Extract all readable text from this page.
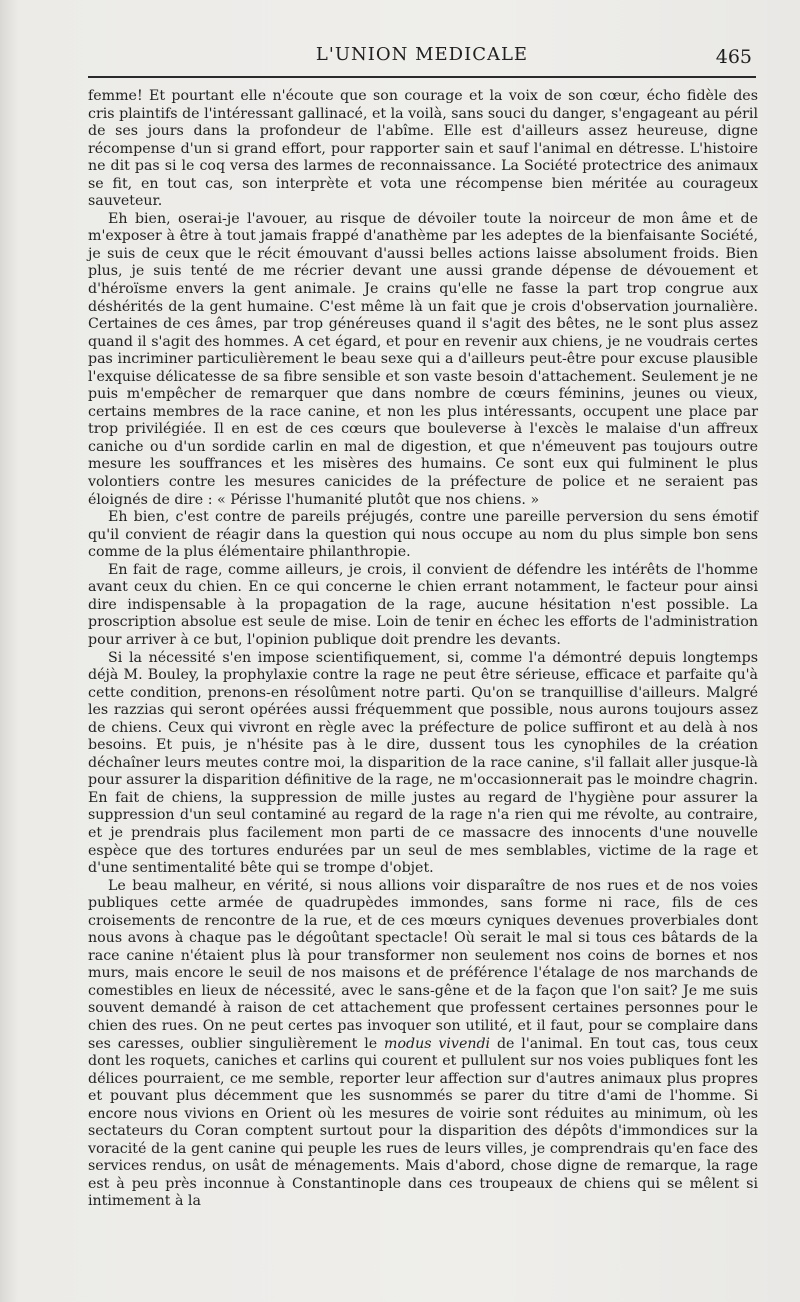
L'UNION MEDICALE	465

femme! Et pourtant elle n'écoute que son courage et la voix de son cœur, écho fidèle des cris plaintifs de l'intéressant gallinacé, et la voilà, sans souci du danger, s'engageant au péril de ses jours dans la profondeur de l'abîme. Elle est d'ailleurs assez heureuse, digne récompense d'un si grand effort, pour rapporter sain et sauf l'animal en détresse. L'histoire ne dit pas si le coq versa des larmes de reconnaissance. La Société protectrice des animaux se fit, en tout cas, son interprète et vota une récompense bien méritée au courageux sauveteur.

Eh bien, oserai-je l'avouer, au risque de dévoiler toute la noirceur de mon âme et de m'exposer à être à tout jamais frappé d'anathème par les adeptes de la bienfaisante Société, je suis de ceux que le récit émouvant d'aussi belles actions laisse absolument froids. Bien plus, je suis tenté de me récrier devant une aussi grande dépense de dévouement et d'héroïsme envers la gent animale. Je crains qu'elle ne fasse la part trop congrue aux déshérités de la gent humaine. C'est même là un fait que je crois d'observation journalière. Certaines de ces âmes, par trop généreuses quand il s'agit des bêtes, ne le sont plus assez quand il s'agit des hommes. A cet égard, et pour en revenir aux chiens, je ne voudrais certes pas incriminer particulièrement le beau sexe qui a d'ailleurs peut-être pour excuse plausible l'exquise délicatesse de sa fibre sensible et son vaste besoin d'attachement. Seulement je ne puis m'empêcher de remarquer que dans nombre de cœurs féminins, jeunes ou vieux, certains membres de la race canine, et non les plus intéressants, occupent une place par trop privilégiée. Il en est de ces cœurs que bouleverse à l'excès le malaise d'un affreux caniche ou d'un sordide carlin en mal de digestion, et que n'émeuvent pas toujours outre mesure les souffrances et les misères des humains. Ce sont eux qui fulminent le plus volontiers contre les mesures canicides de la préfecture de police et ne seraient pas éloignés de dire : « Périsse l'humanité plutôt que nos chiens. »

Eh bien, c'est contre de pareils préjugés, contre une pareille perversion du sens émotif qu'il convient de réagir dans la question qui nous occupe au nom du plus simple bon sens comme de la plus élémentaire philanthropie.

En fait de rage, comme ailleurs, je crois, il convient de défendre les intérêts de l'homme avant ceux du chien. En ce qui concerne le chien errant notamment, le facteur pour ainsi dire indispensable à la propagation de la rage, aucune hésitation n'est possible. La proscription absolue est seule de mise. Loin de tenir en échec les efforts de l'administration pour arriver à ce but, l'opinion publique doit prendre les devants.

Si la nécessité s'en impose scientifiquement, si, comme l'a démontré depuis longtemps déjà M. Bouley, la prophylaxie contre la rage ne peut être sérieuse, efficace et parfaite qu'à cette condition, prenons-en résolûment notre parti. Qu'on se tranquillise d'ailleurs. Malgré les razzias qui seront opérées aussi fréquemment que possible, nous aurons toujours assez de chiens. Ceux qui vivront en règle avec la préfecture de police suffiront et au delà à nos besoins. Et puis, je n'hésite pas à le dire, dussent tous les cynophiles de la création déchaîner leurs meutes contre moi, la disparition de la race canine, s'il fallait aller jusque-là pour assurer la disparition définitive de la rage, ne m'occasionnerait pas le moindre chagrin. En fait de chiens, la suppression de mille justes au regard de l'hygiène pour assurer la suppression d'un seul contaminé au regard de la rage n'a rien qui me révolte, au contraire, et je prendrais plus facilement mon parti de ce massacre des innocents d'une nouvelle espèce que des tortures endurées par un seul de mes semblables, victime de la rage et d'une sentimentalité bête qui se trompe d'objet.

Le beau malheur, en vérité, si nous allions voir disparaître de nos rues et de nos voies publiques cette armée de quadrupèdes immondes, sans forme ni race, fils de ces croisements de rencontre de la rue, et de ces mœurs cyniques devenues proverbiales dont nous avons à chaque pas le dégoûtant spectacle! Où serait le mal si tous ces bâtards de la race canine n'étaient plus là pour transformer non seulement nos coins de bornes et nos murs, mais encore le seuil de nos maisons et de préférence l'étalage de nos marchands de comestibles en lieux de nécessité, avec le sans-gêne et de la façon que l'on sait? Je me suis souvent demandé à raison de cet attachement que professent certaines personnes pour le chien des rues. On ne peut certes pas invoquer son utilité, et il faut, pour se complaire dans ses caresses, oublier singulièrement le modus vivendi de l'animal. En tout cas, tous ceux dont les roquets, caniches et carlins qui courent et pullulent sur nos voies publiques font les délices pourraient, ce me semble, reporter leur affection sur d'autres animaux plus propres et pouvant plus décemment que les susnommés se parer du titre d'ami de l'homme. Si encore nous vivions en Orient où les mesures de voirie sont réduites au minimum, où les sectateurs du Coran comptent surtout pour la disparition des dépôts d'immondices sur la voracité de la gent canine qui peuple les rues de leurs villes, je comprendrais qu'en face des services rendus, on usât de ménagements. Mais d'abord, chose digne de remarque, la rage est à peu près inconnue à Constantinople dans ces troupeaux de chiens qui se mêlent si intimement à la
